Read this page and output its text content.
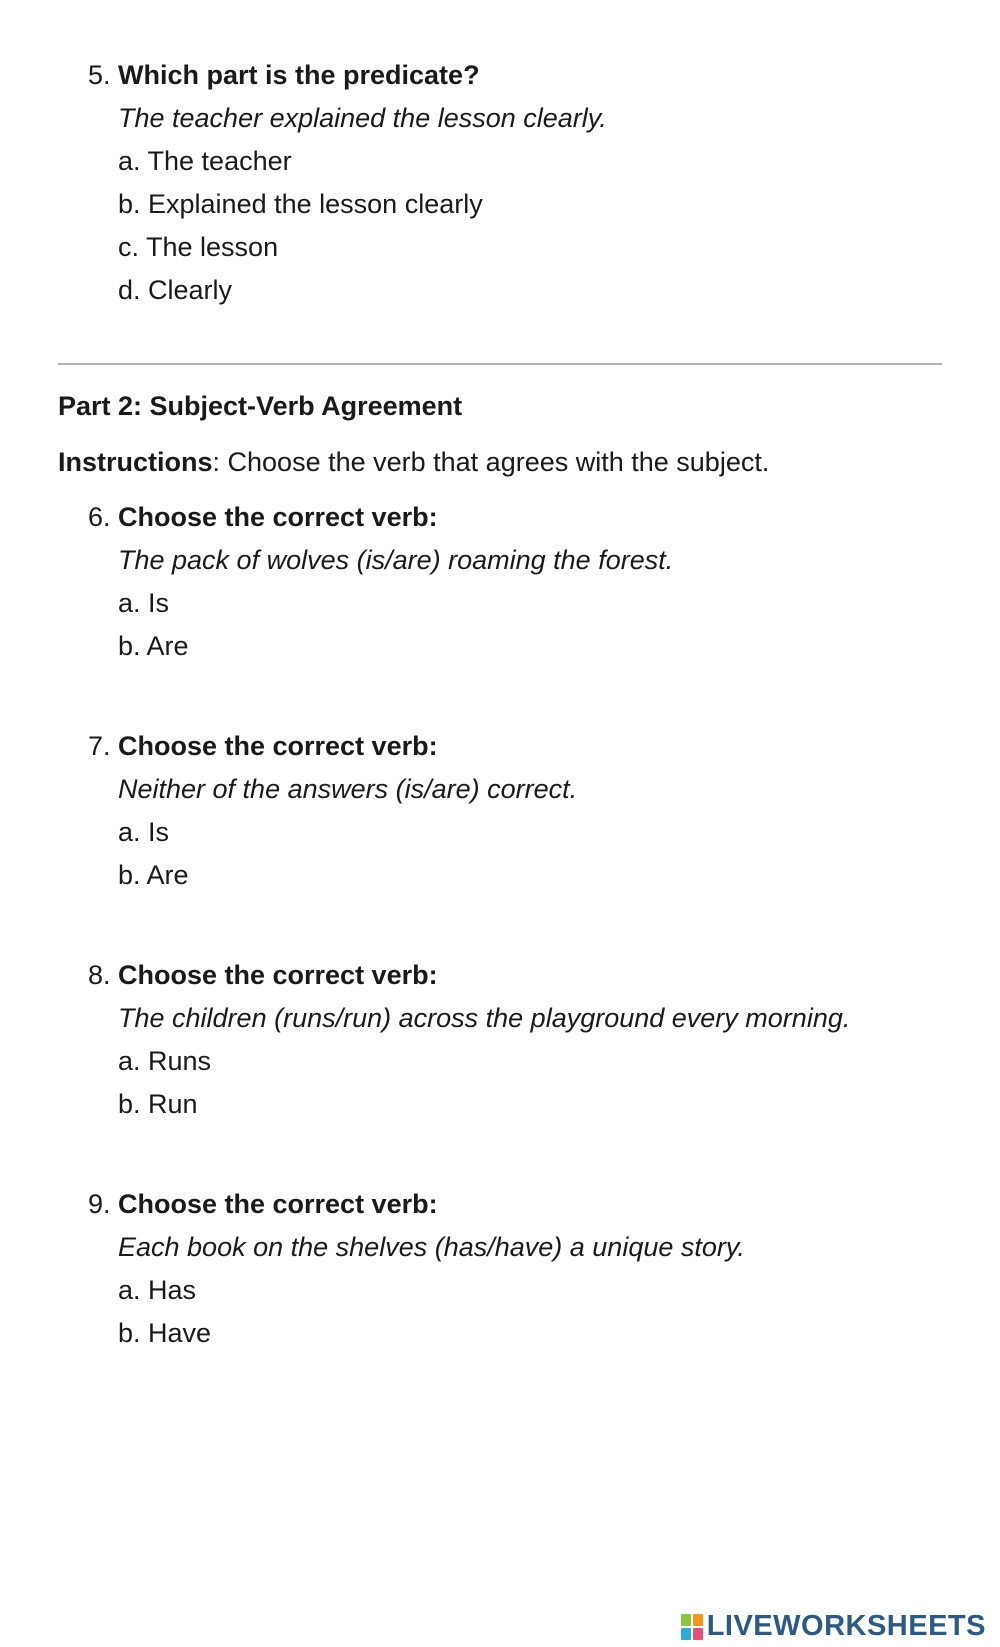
5. Which part is the predicate?
The teacher explained the lesson clearly.
a. The teacher
b. Explained the lesson clearly
c. The lesson
d. Clearly
Part 2: Subject-Verb Agreement
Instructions: Choose the verb that agrees with the subject.
6. Choose the correct verb:
The pack of wolves (is/are) roaming the forest.
a. Is
b. Are
7. Choose the correct verb:
Neither of the answers (is/are) correct.
a. Is
b. Are
8. Choose the correct verb:
The children (runs/run) across the playground every morning.
a. Runs
b. Run
9. Choose the correct verb:
Each book on the shelves (has/have) a unique story.
a. Has
b. Have
LIVEWORKSHEETS
